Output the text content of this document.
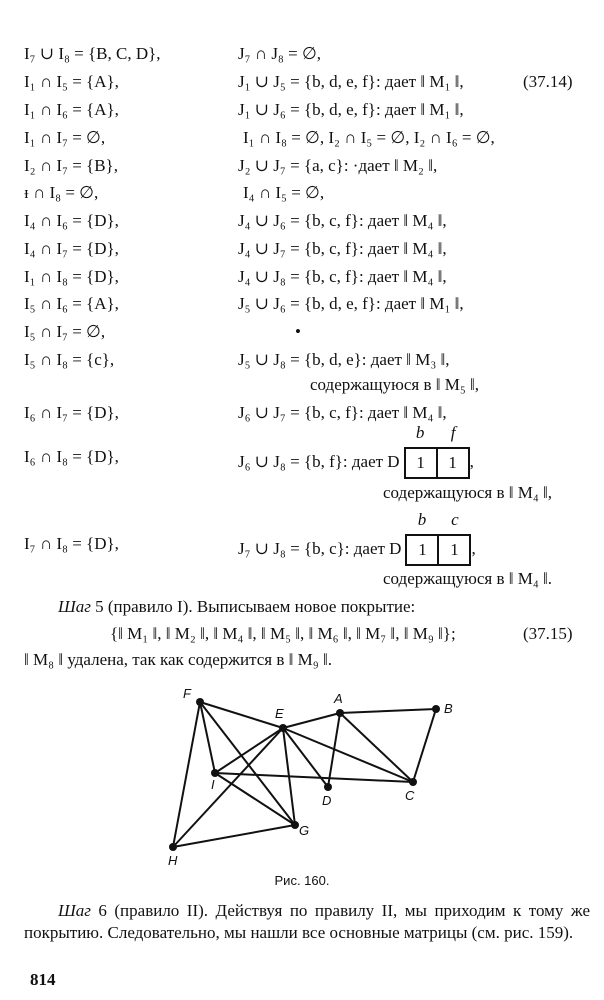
I₇ ∪ I₈ = {B, C, D},	J₇ ∩ J₈ = ∅,
I₁ ∩ I₅ = {A},	J₁ ∪ J₅ = {b, d, e, f}: дает ‖ M₁ ‖,
I₁ ∩ I₆ = {A},	J₁ ∪ J₆ = {b, d, e, f}: дает ‖ M₁ ‖,
I₁ ∩ I₇ = ∅,	I₁ ∩ I₈ = ∅, I₂ ∩ I₅ = ∅, I₂ ∩ I₆ = ∅,
I₂ ∩ I₇ = {B},	J₂ ∪ J₇ = {a, c}: ·дает ‖ M₂ ‖,
ᵻ ∩ I₈ = ∅,	I₄ ∩ I₅ = ∅,
I₄ ∩ I₆ = {D},	J₄ ∪ J₆ = {b, c, f}: дает ‖ M₄ ‖,
I₄ ∩ I₇ = {D},	J₄ ∪ J₇ = {b, c, f}: дает ‖ M₄ ‖,
I₁ ∩ I₈ = {D},	J₄ ∪ J₈ = {b, c, f}: дает ‖ M₄ ‖,
I₅ ∩ I₆ = {A},	J₅ ∪ J₆ = {b, d, e, f}: дает ‖ M₁ ‖,
I₅ ∩ I₇ = ∅,
I₅ ∩ I₈ = {c},	J₅ ∪ J₈ = {b, d, e}: дает ‖ M₃ ‖,
I₆ ∩ I₇ = {D},	J₆ ∪ J₇ = {b, c, f}: дает ‖ M₄ ‖,
(37.14)
•
содержащуюся в ‖ M₅ ‖,
I₆ ∩ I₈ = {D},	J₆ ∪ J₈ = {b, f}: дает D b	f
1	1 ,
содержащуюся в ‖ M₄ ‖,
I₇ ∩ I₈ = {D},	J₇ ∪ J₈ = {b, c}: дает D b	c
1	1 ,
содержащуюся в ‖ M₄ ‖.
Шаг 5 (правило I). Выписываем новое покрытие:
{‖ M₁ ‖, ‖ M₂ ‖, ‖ M₄ ‖, ‖ M₅ ‖, ‖ M₆ ‖, ‖ M₇ ‖, ‖ M₉ ‖};	(37.15)
‖ M₈ ‖ удалена, так как содержится в ‖ M₉ ‖.
F
E
A
B
I
D	C
G
H
Рис. 160.
Шаг 6 (правило II). Действуя по правилу II, мы приходим к тому же покрытию. Следовательно, мы нашли все основные матрицы (см. рис. 159).
814
